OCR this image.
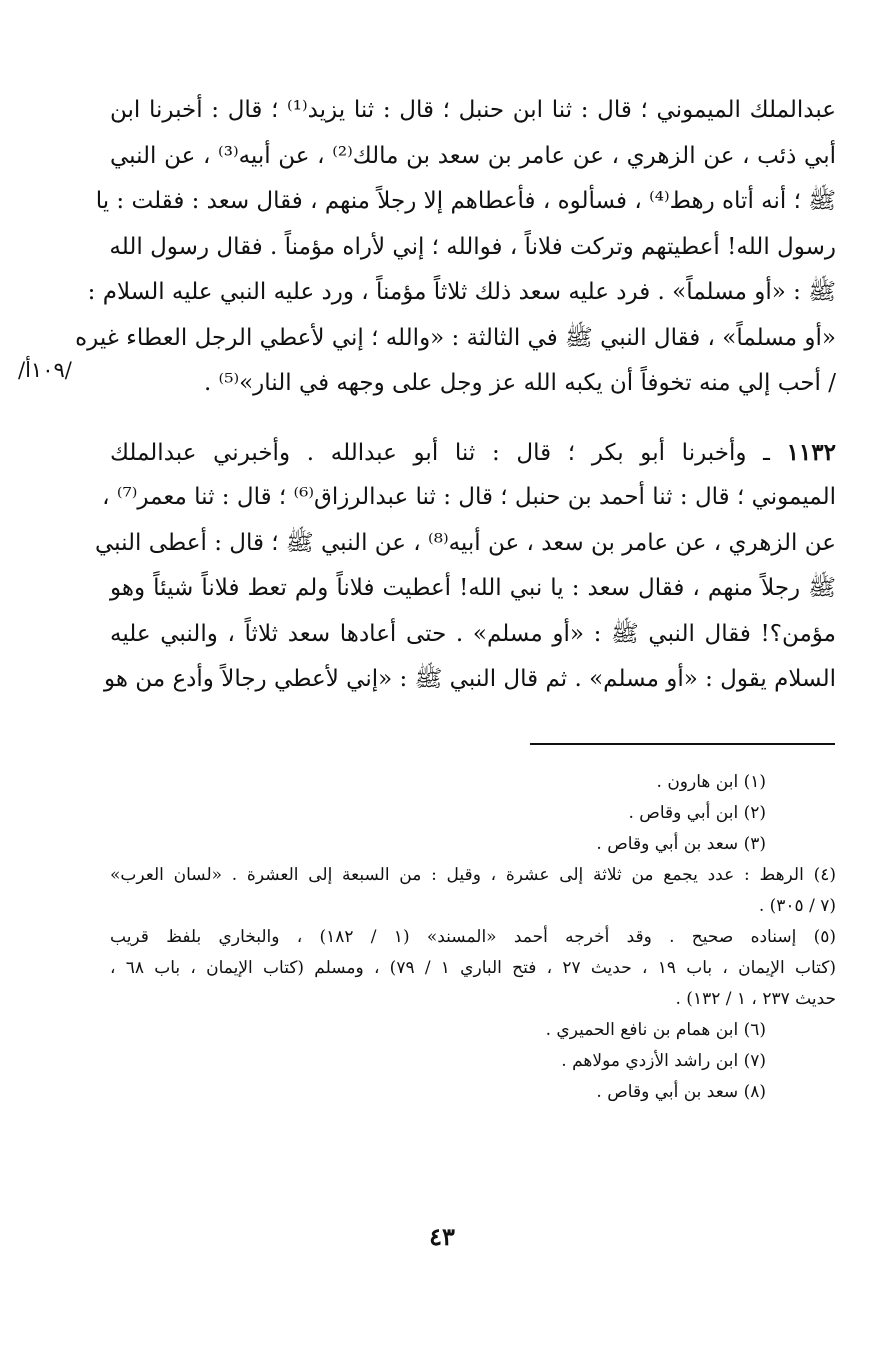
عبدالملك الميموني ؛ قال : ثنا ابن حنبل ؛ قال : ثنا يزيد⁽¹⁾ ؛ قال : أخبرنا ابن
أبي ذئب ، عن الزهري ، عن عامر بن سعد بن مالك⁽²⁾ ، عن أبيه⁽³⁾ ، عن النبي
ﷺ ؛ أنه أتاه رهط⁽⁴⁾ ، فسألوه ، فأعطاهم إلا رجلاً منهم ، فقال سعد : فقلت : يا
رسول الله! أعطيتهم وتركت فلاناً ، فوالله ؛ إني لأراه مؤمناً . فقال رسول الله
ﷺ : «أو مسلماً» . فرد عليه سعد ذلك ثلاثاً مؤمناً ، ورد عليه النبي عليه السلام :
«أو مسلماً» ، فقال النبي ﷺ في الثالثة : «والله ؛ إني لأعطي الرجل العطاء غيره
/ أحب إلي منه تخوفاً أن يكبه الله عز وجل على وجهه في النار»⁽⁵⁾ .
١١٣٢ ـ وأخبرنا أبو بكر ؛ قال : ثنا أبو عبدالله . وأخبرني عبدالملك
الميموني ؛ قال : ثنا أحمد بن حنبل ؛ قال : ثنا عبدالرزاق⁽⁶⁾ ؛ قال : ثنا معمر⁽⁷⁾ ،
عن الزهري ، عن عامر بن سعد ، عن أبيه⁽⁸⁾ ، عن النبي ﷺ ؛ قال : أعطى النبي
ﷺ رجلاً منهم ، فقال سعد : يا نبي الله! أعطيت فلاناً ولم تعط فلاناً شيئاً وهو
مؤمن؟! فقال النبي ﷺ : «أو مسلم» . حتى أعادها سعد ثلاثاً ، والنبي عليه
السلام يقول : «أو مسلم» . ثم قال النبي ﷺ : «إني لأعطي رجالاً وأدع من هو
/١٠٩أ/
(١) ابن هارون .
(٢) ابن أبي وقاص .
(٣) سعد بن أبي وقاص .
(٤) الرهط : عدد يجمع من ثلاثة إلى عشرة ، وقيل : من السبعة إلى العشرة . «لسان العرب»
(٧ / ٣٠٥) .
(٥) إسناده صحيح . وقد أخرجه أحمد «المسند» (١ / ١٨٢) ، والبخاري بلفظ قريب
(كتاب الإيمان ، باب ١٩ ، حديث ٢٧ ، فتح الباري ١ / ٧٩) ، ومسلم (كتاب الإيمان ، باب ٦٨ ،
حديث ٢٣٧ ، ١ / ١٣٢) .
(٦) ابن همام بن نافع الحميري .
(٧) ابن راشد الأزدي مولاهم .
(٨) سعد بن أبي وقاص .
٤٣
